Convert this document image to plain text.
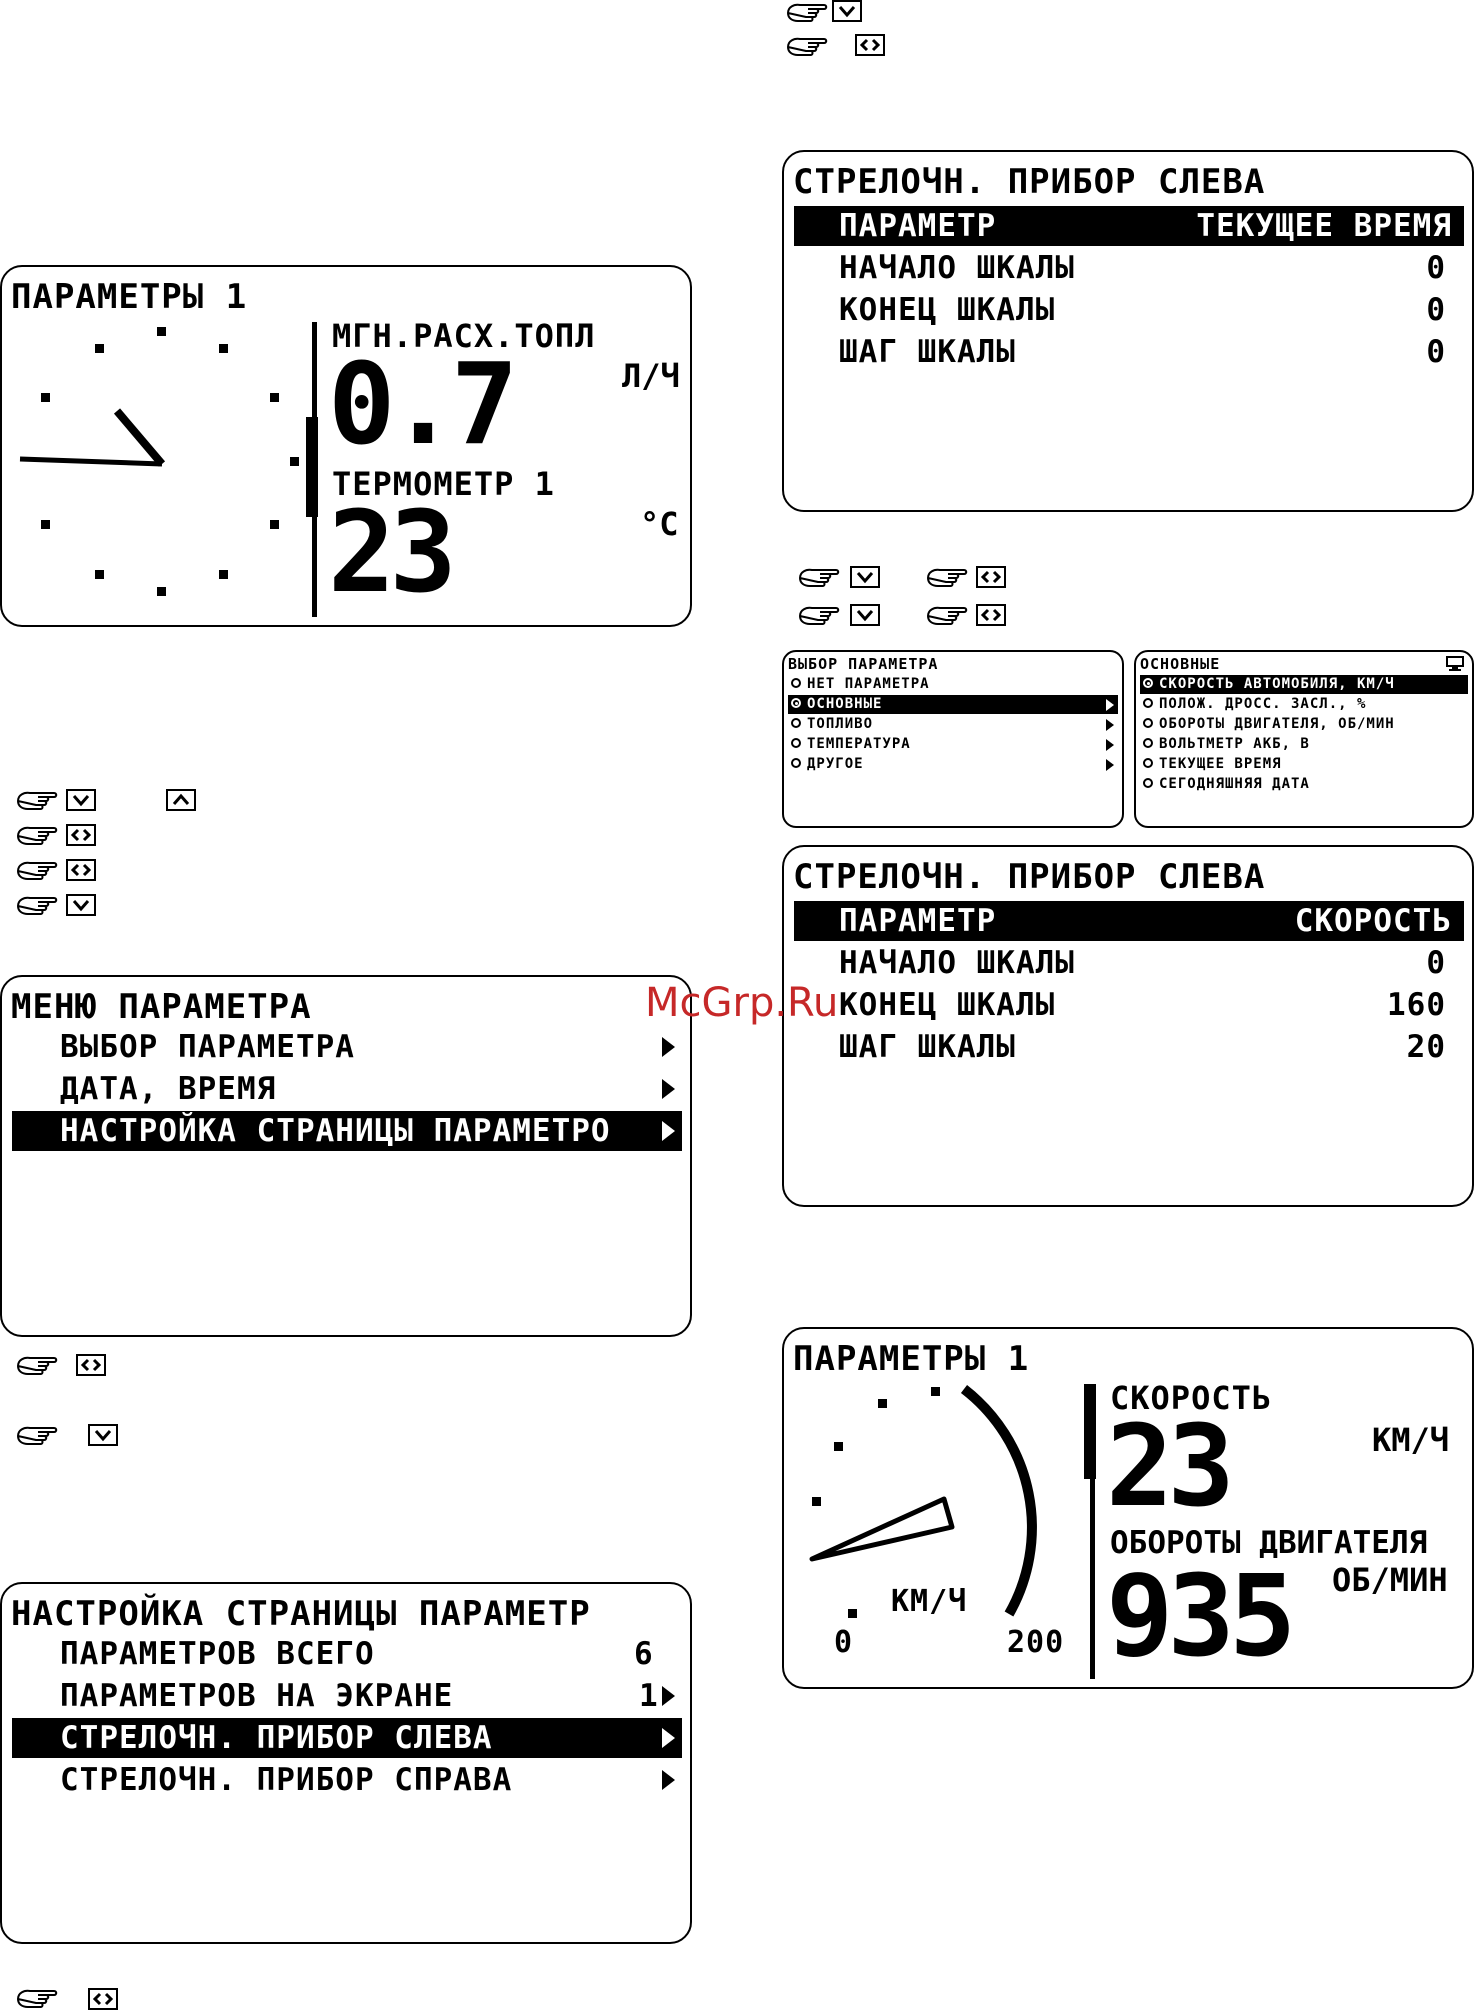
ПАРАМЕТРЫ 1
МГН.РАСХ.ТОПЛ
0.7	Л/Ч
ТЕРМОМЕТР 1
23	°С
МЕНЮ ПАРАМЕТРА
ВЫБОР ПАРАМЕТРА
ДАТА, ВРЕМЯ
НАСТРОЙКА СТРАНИЦЫ ПАРАМЕТРО
НАСТРОЙКА СТРАНИЦЫ ПАРАМЕТР
ПАРАМЕТРОВ ВСЕГО	6
ПАРАМЕТРОВ НА ЭКРАНЕ	1
СТРЕЛОЧН. ПРИБОР СЛЕВА
СТРЕЛОЧН. ПРИБОР СПРАВА
СТРЕЛОЧН. ПРИБОР СЛЕВА
ПАРАМЕТР	ТЕКУЩЕЕ ВРЕМЯ
НАЧАЛО ШКАЛЫ	0
КОНЕЦ ШКАЛЫ	0
ШАГ ШКАЛЫ	0
ВЫБОР ПАРАМЕТРА
НЕТ ПАРАМЕТРА
ОСНОВНЫЕ
ТОПЛИВО
ТЕМПЕРАТУРА
ДРУГОЕ
ОСНОВНЫЕ
СКОРОСТЬ АВТОМОБИЛЯ, КМ/Ч
ПОЛОЖ. ДРОСС. ЗАСЛ., %
ОБОРОТЫ ДВИГАТЕЛЯ, ОБ/МИН
ВОЛЬТМЕТР АКБ, В
ТЕКУЩЕЕ ВРЕМЯ
СЕГОДНЯШНЯЯ ДАТА
СТРЕЛОЧН. ПРИБОР СЛЕВА
ПАРАМЕТР	СКОРОСТЬ
НАЧАЛО ШКАЛЫ	0
КОНЕЦ ШКАЛЫ	160
ШАГ ШКАЛЫ	20
McGrp.Ru
ПАРАМЕТРЫ 1
КМ/Ч
0	200
СКОРОСТЬ
23	КМ/Ч
ОБОРОТЫ ДВИГАТЕЛЯ
ОБ/МИН
935
